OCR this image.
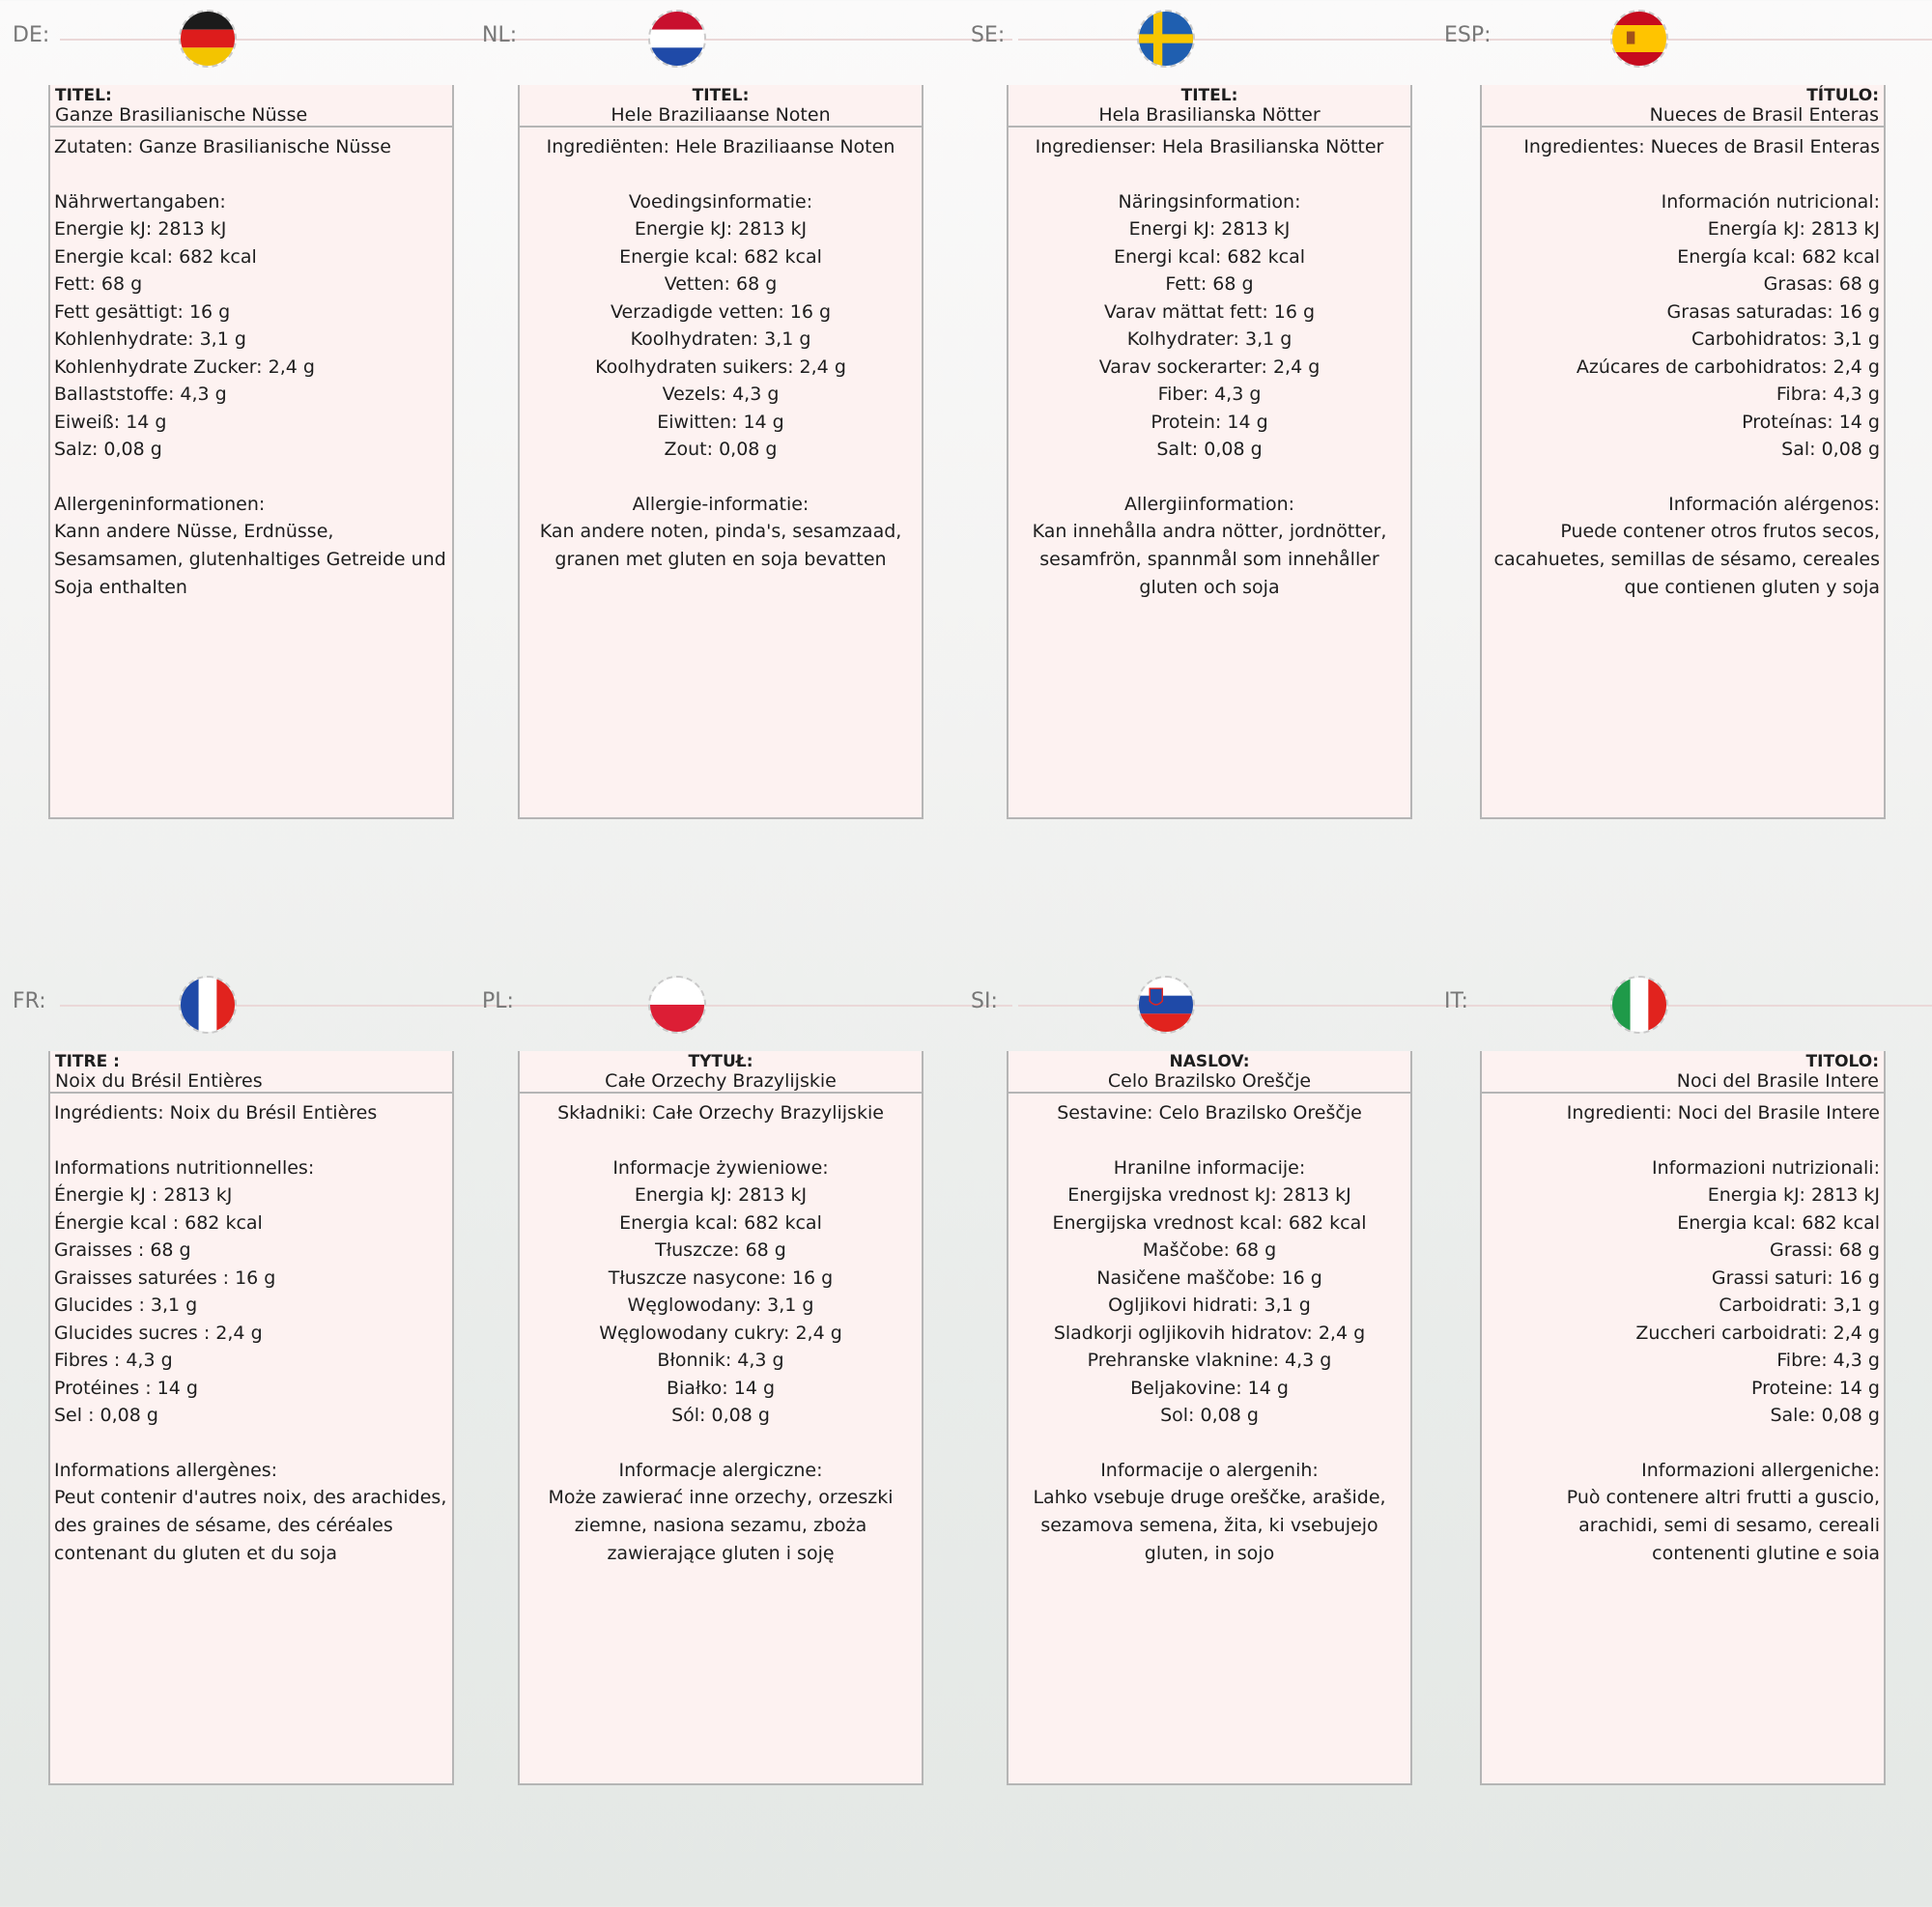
DE:
TITEL:
Ganze Brasilianische Nüsse
Zutaten: Ganze Brasilianische Nüsse
Nährwertangaben:
Energie kJ: 2813 kJ
Energie kcal: 682 kcal
Fett: 68 g
Fett gesättigt: 16 g
Kohlenhydrate: 3,1 g
Kohlenhydrate Zucker: 2,4 g
Ballaststoffe: 4,3 g
Eiweiß: 14 g
Salz: 0,08 g
Allergeninformationen:
Kann andere Nüsse, Erdnüsse,
Sesamsamen, glutenhaltiges Getreide und
Soja enthalten
NL:
TITEL:
Hele Braziliaanse Noten
Ingrediënten: Hele Braziliaanse Noten
Voedingsinformatie:
Energie kJ: 2813 kJ
Energie kcal: 682 kcal
Vetten: 68 g
Verzadigde vetten: 16 g
Koolhydraten: 3,1 g
Koolhydraten suikers: 2,4 g
Vezels: 4,3 g
Eiwitten: 14 g
Zout: 0,08 g
Allergie-informatie:
Kan andere noten, pinda's, sesamzaad,
granen met gluten en soja bevatten
SE:
TITEL:
Hela Brasilianska Nötter
Ingredienser: Hela Brasilianska Nötter
Näringsinformation:
Energi kJ: 2813 kJ
Energi kcal: 682 kcal
Fett: 68 g
Varav mättat fett: 16 g
Kolhydrater: 3,1 g
Varav sockerarter: 2,4 g
Fiber: 4,3 g
Protein: 14 g
Salt: 0,08 g
Allergiinformation:
Kan innehålla andra nötter, jordnötter,
sesamfrön, spannmål som innehåller
gluten och soja
ESP:
TÍTULO:
Nueces de Brasil Enteras
Ingredientes: Nueces de Brasil Enteras
Información nutricional:
Energía kJ: 2813 kJ
Energía kcal: 682 kcal
Grasas: 68 g
Grasas saturadas: 16 g
Carbohidratos: 3,1 g
Azúcares de carbohidratos: 2,4 g
Fibra: 4,3 g
Proteínas: 14 g
Sal: 0,08 g
Información alérgenos:
Puede contener otros frutos secos,
cacahuetes, semillas de sésamo, cereales
que contienen gluten y soja
FR:
TITRE :
Noix du Brésil Entières
Ingrédients: Noix du Brésil Entières
Informations nutritionnelles:
Énergie kJ : 2813 kJ
Énergie kcal : 682 kcal
Graisses : 68 g
Graisses saturées : 16 g
Glucides : 3,1 g
Glucides sucres : 2,4 g
Fibres : 4,3 g
Protéines : 14 g
Sel : 0,08 g
Informations allergènes:
Peut contenir d'autres noix, des arachides,
des graines de sésame, des céréales
contenant du gluten et du soja
PL:
TYTUŁ:
Całe Orzechy Brazylijskie
Składniki: Całe Orzechy Brazylijskie
Informacje żywieniowe:
Energia kJ: 2813 kJ
Energia kcal: 682 kcal
Tłuszcze: 68 g
Tłuszcze nasycone: 16 g
Węglowodany: 3,1 g
Węglowodany cukry: 2,4 g
Błonnik: 4,3 g
Białko: 14 g
Sól: 0,08 g
Informacje alergiczne:
Może zawierać inne orzechy, orzeszki
ziemne, nasiona sezamu, zboża
zawierające gluten i soję
SI:
NASLOV:
Celo Brazilsko Oreščje
Sestavine: Celo Brazilsko Oreščje
Hranilne informacije:
Energijska vrednost kJ: 2813 kJ
Energijska vrednost kcal: 682 kcal
Maščobe: 68 g
Nasičene maščobe: 16 g
Ogljikovi hidrati: 3,1 g
Sladkorji ogljikovih hidratov: 2,4 g
Prehranske vlaknine: 4,3 g
Beljakovine: 14 g
Sol: 0,08 g
Informacije o alergenih:
Lahko vsebuje druge oreščke, arašide,
sezamova semena, žita, ki vsebujejo
gluten, in sojo
IT:
TITOLO:
Noci del Brasile Intere
Ingredienti: Noci del Brasile Intere
Informazioni nutrizionali:
Energia kJ: 2813 kJ
Energia kcal: 682 kcal
Grassi: 68 g
Grassi saturi: 16 g
Carboidrati: 3,1 g
Zuccheri carboidrati: 2,4 g
Fibre: 4,3 g
Proteine: 14 g
Sale: 0,08 g
Informazioni allergeniche:
Può contenere altri frutti a guscio,
arachidi, semi di sesamo, cereali
contenenti glutine e soia
